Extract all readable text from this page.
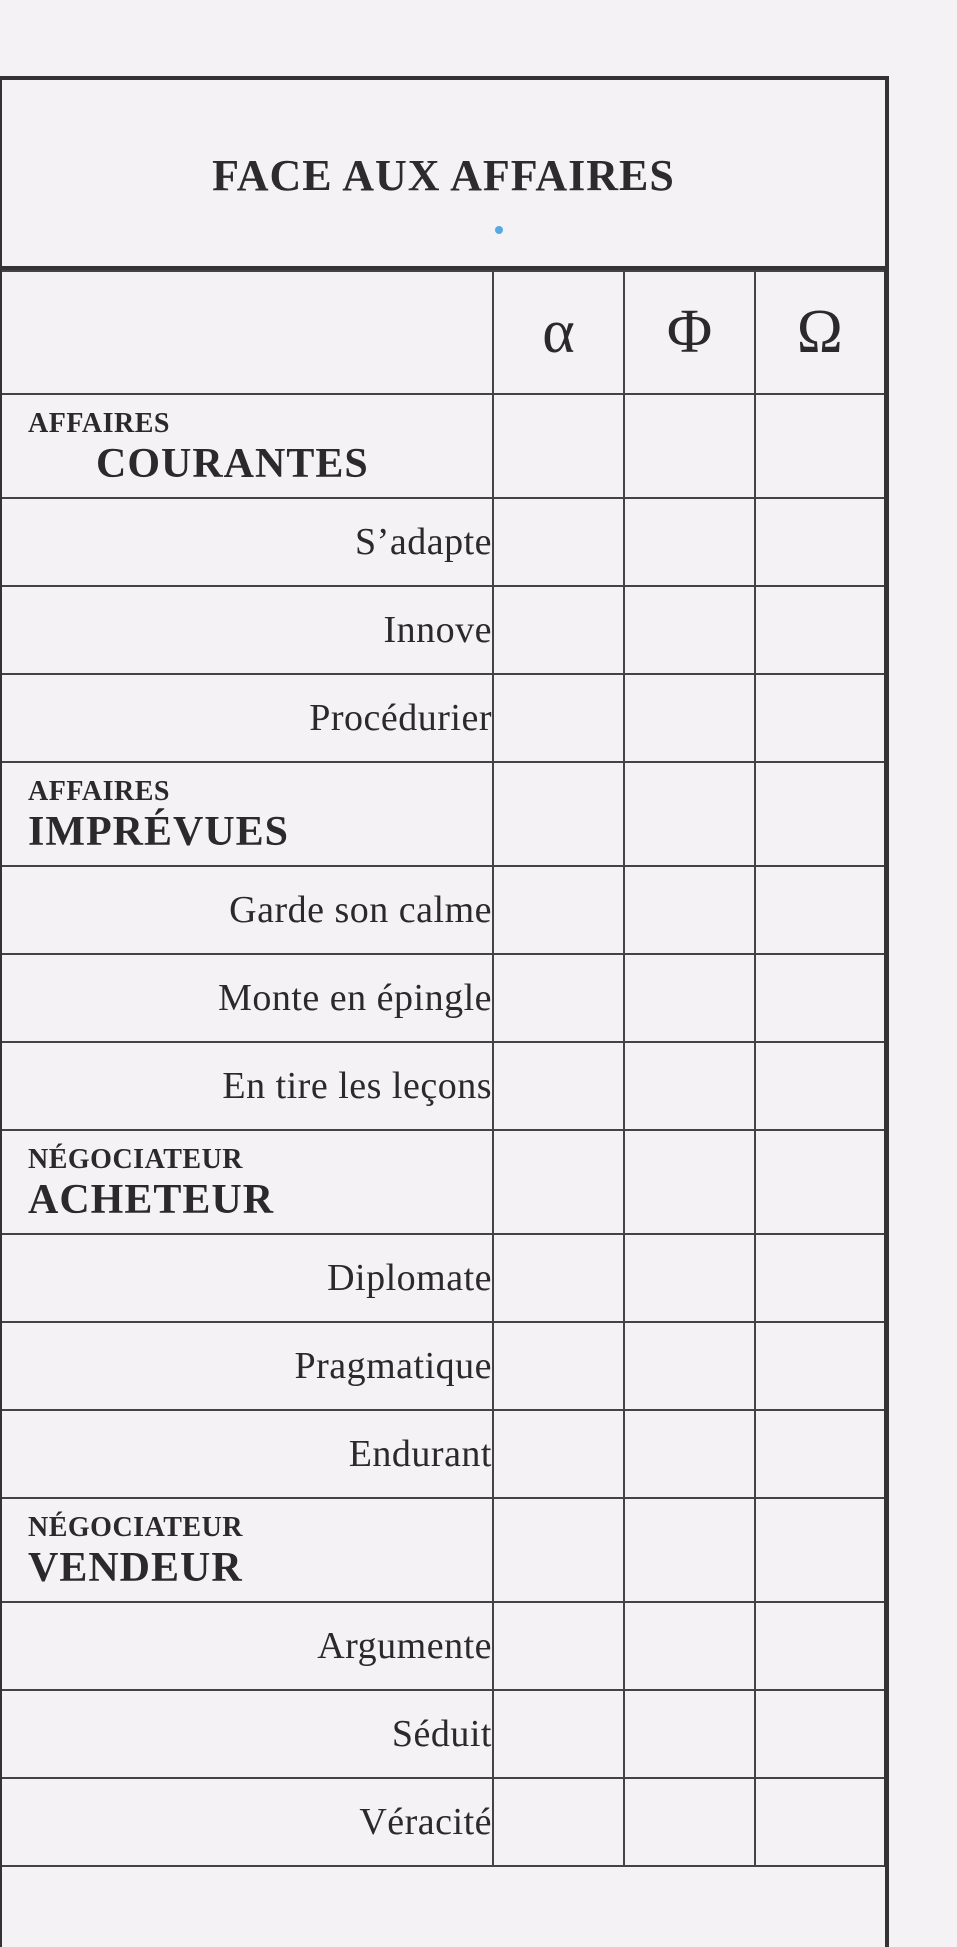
FACE AUX AFFAIRES
	α	Φ	Ω

AFFAIRES
COURANTES			

S’adapte			
Innove			
Procédurier			

AFFAIRES
IMPRÉVUES			

Garde son calme			
Monte en épingle			
En tire les leçons			

NÉGOCIATEUR
ACHETEUR			

Diplomate			
Pragmatique			
Endurant			

NÉGOCIATEUR
VENDEUR			

Argumente			
Séduit			
Véracité			
